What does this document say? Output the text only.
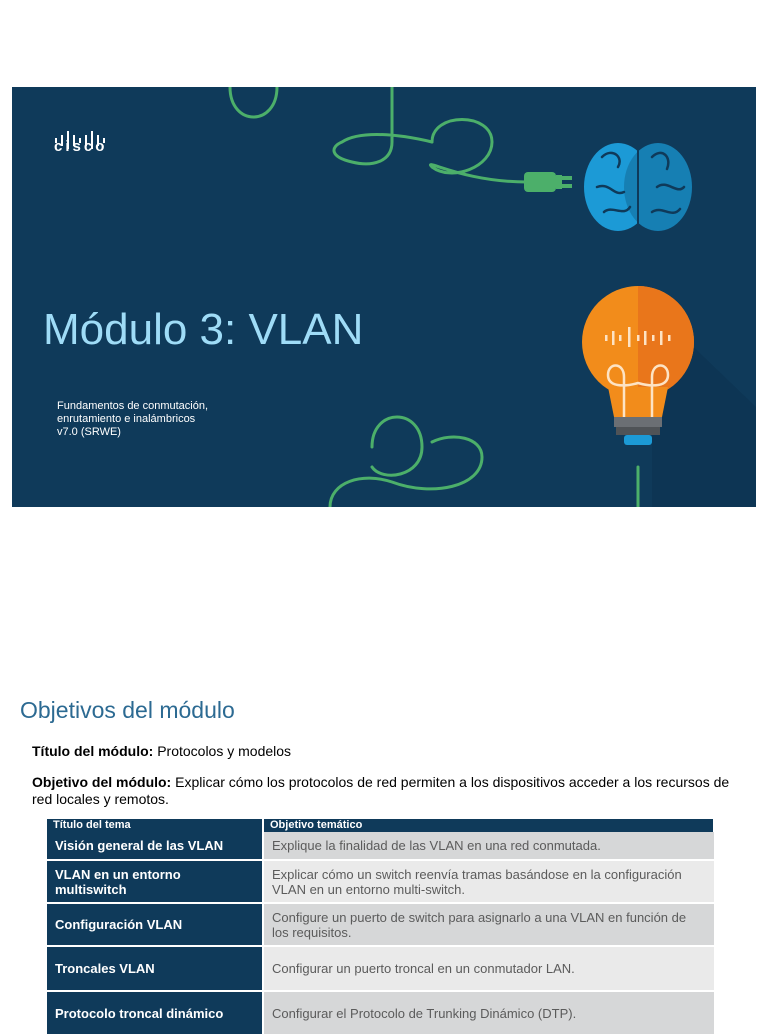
cisco
Módulo 3: VLAN
Fundamentos de conmutación,
enrutamiento e inalámbricos
v7.0 (SRWE)
Objetivos del módulo
Título del módulo: Protocolos y modelos
Objetivo del módulo: Explicar cómo los protocolos de red permiten a los dispositivos acceder a los recursos de red locales y remotos.
Título del tema	Objetivo temático
Visión general de las VLAN	Explique la finalidad de las VLAN en una red conmutada.
VLAN en un entorno multiswitch	Explicar cómo un switch reenvía tramas basándose en la configuración VLAN en un entorno multi-switch.
Configuración VLAN	Configure un puerto de switch para asignarlo a una VLAN en función de los requisitos.
Troncales VLAN	Configurar un puerto troncal en un conmutador LAN.
Protocolo troncal dinámico	Configurar el Protocolo de Trunking Dinámico (DTP).
